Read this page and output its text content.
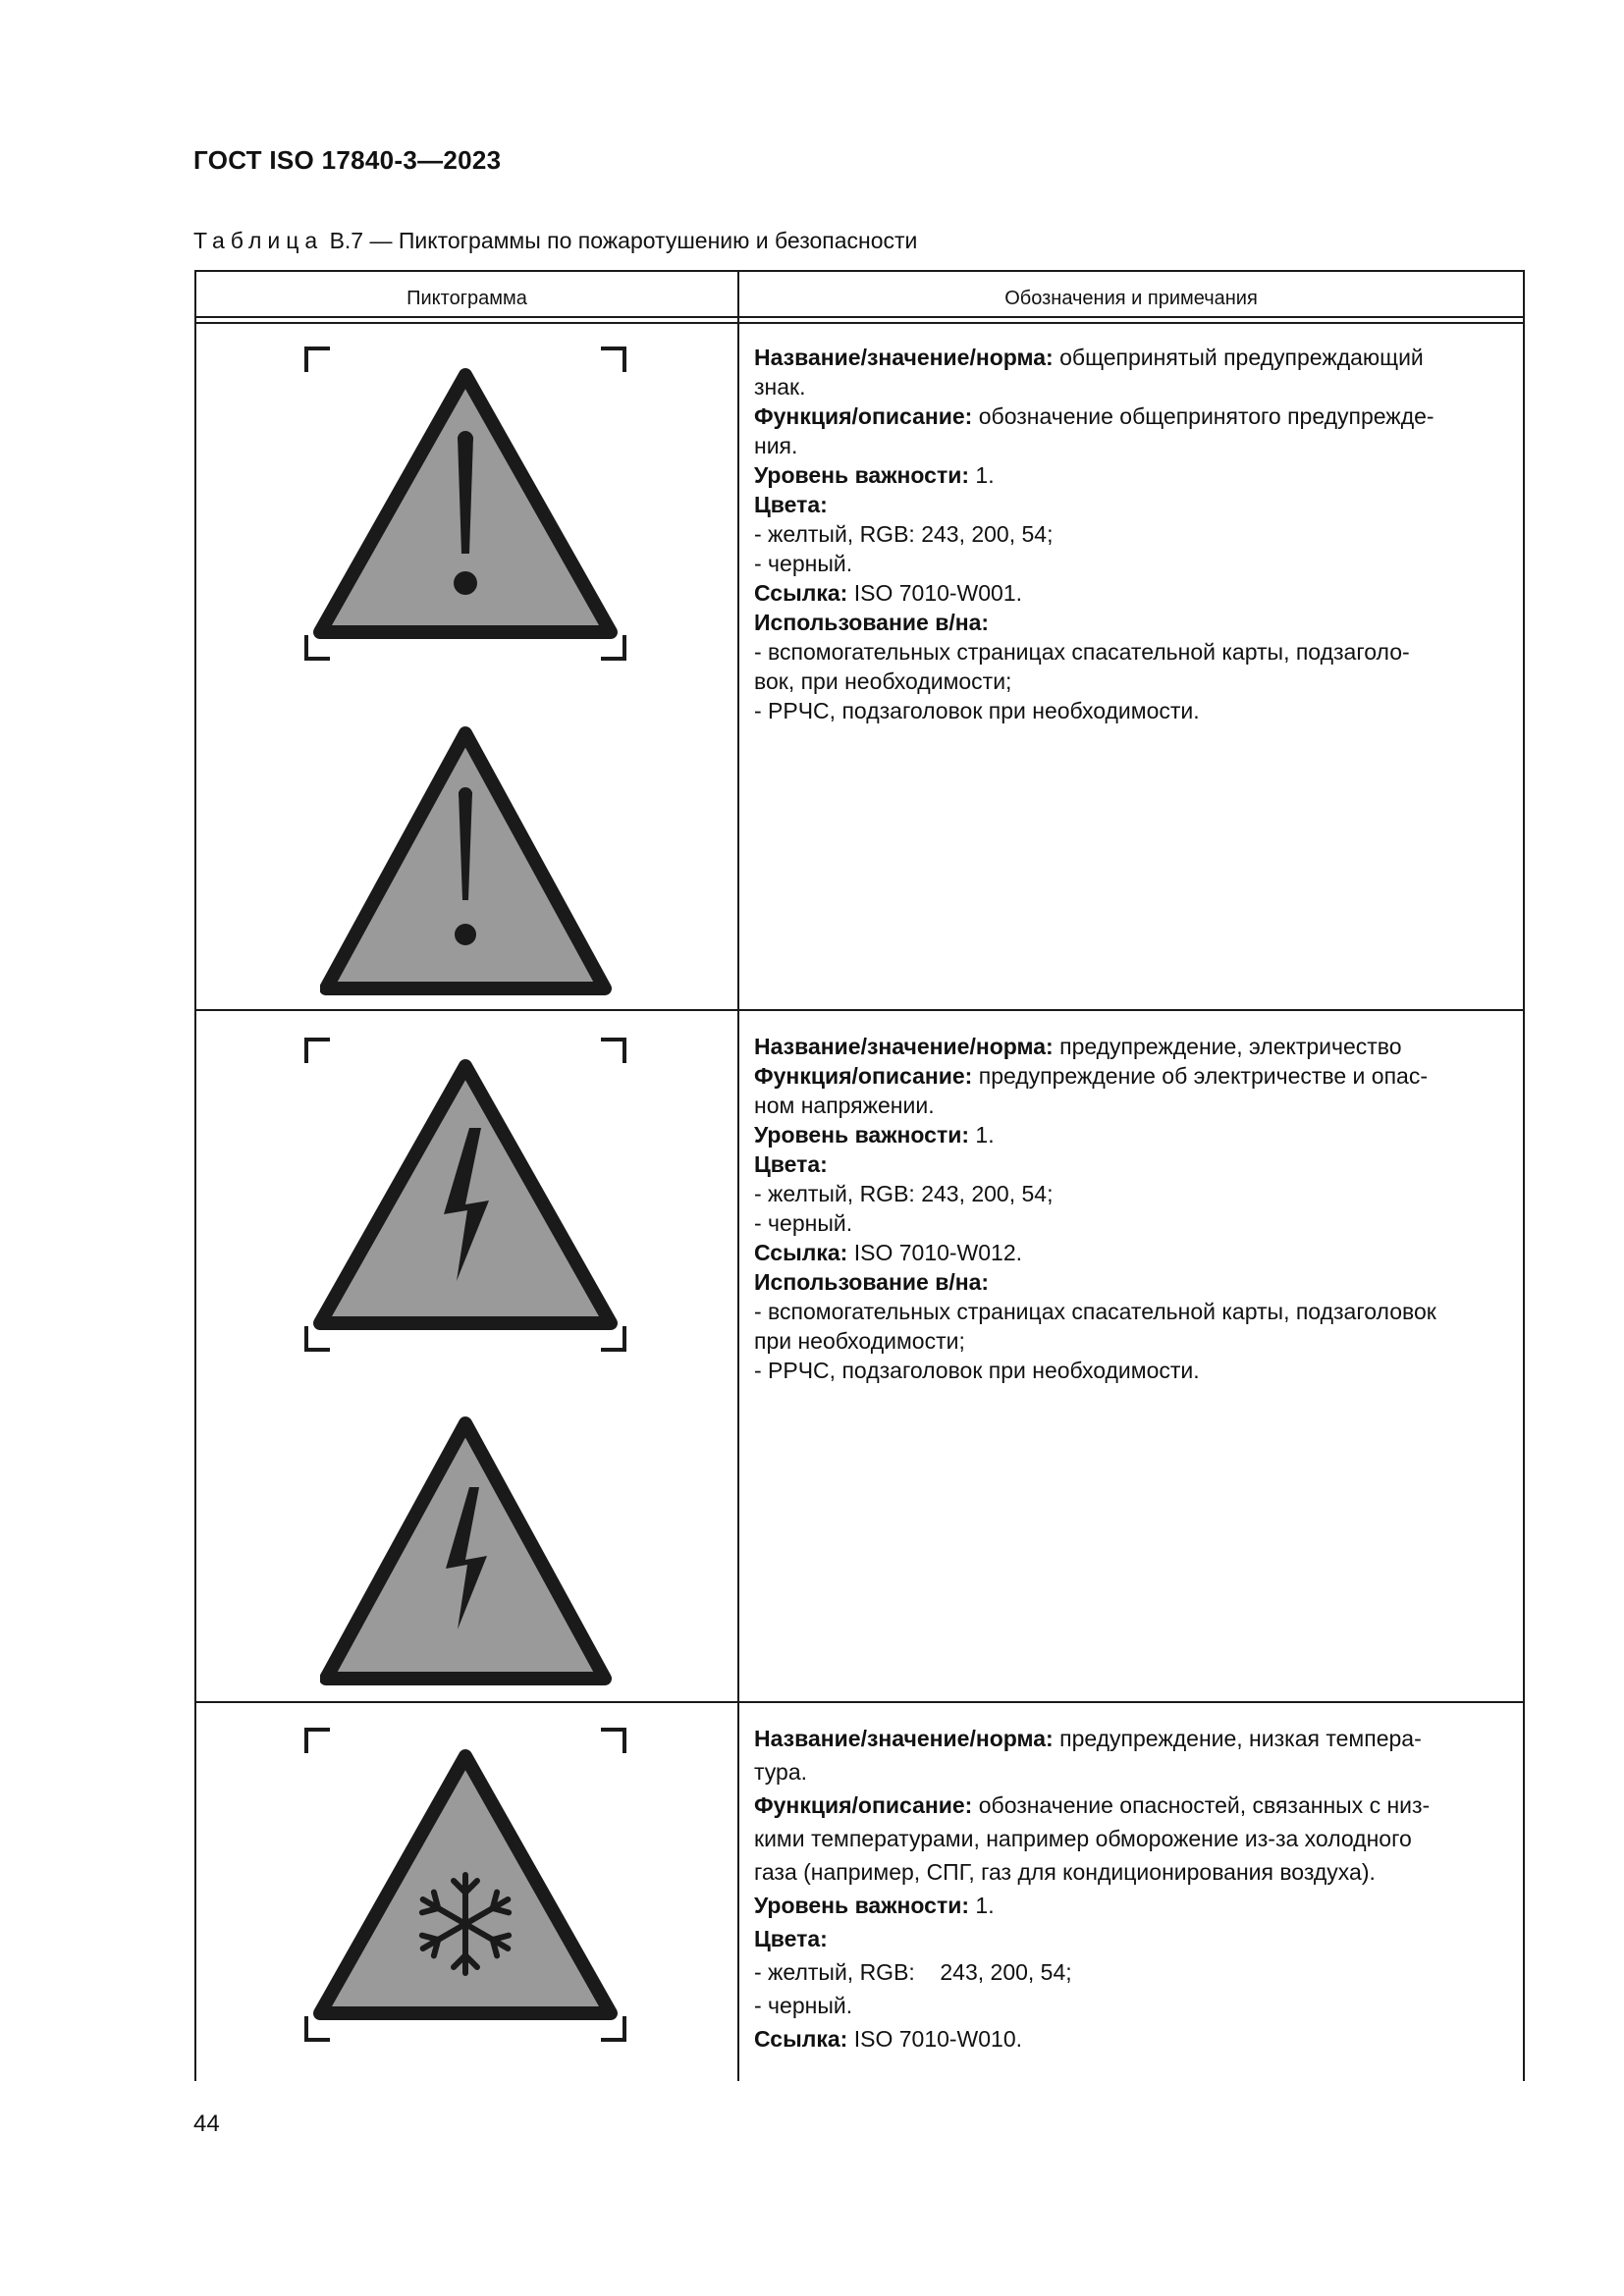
ГОСТ ISO 17840-3—2023
Таблица B.7 — Пиктограммы по пожаротушению и безопасности
Пиктограмма	Обозначения и примечания
Название/значение/норма: общепринятый предупреждающий
знак.
Функция/описание: обозначение общепринятого предупрежде-
ния.
Уровень важности: 1.
Цвета:
- желтый, RGB: 243, 200, 54;
- черный.
Ссылка: ISO 7010-W001.
Использование в/на:
- вспомогательных страницах спасательной карты, подзаголо-
вок, при необходимости;
- РРЧС, подзаголовок при необходимости.
Название/значение/норма: предупреждение, электричество
Функция/описание: предупреждение об электричестве и опас-
ном напряжении.
Уровень важности: 1.
Цвета:
- желтый, RGB: 243, 200, 54;
- черный.
Ссылка: ISO 7010-W012.
Использование в/на:
- вспомогательных страницах спасательной карты, подзаголовок
при необходимости;
- РРЧС, подзаголовок при необходимости.
Название/значение/норма: предупреждение, низкая темпера-
тура.
Функция/описание: обозначение опасностей, связанных с низ-
кими температурами, например обморожение из-за холодного
газа (например, СПГ, газ для кондиционирования воздуха).
Уровень важности: 1.
Цвета:
- желтый, RGB:    243, 200, 54;
- черный.
Ссылка: ISO 7010-W010.
44
